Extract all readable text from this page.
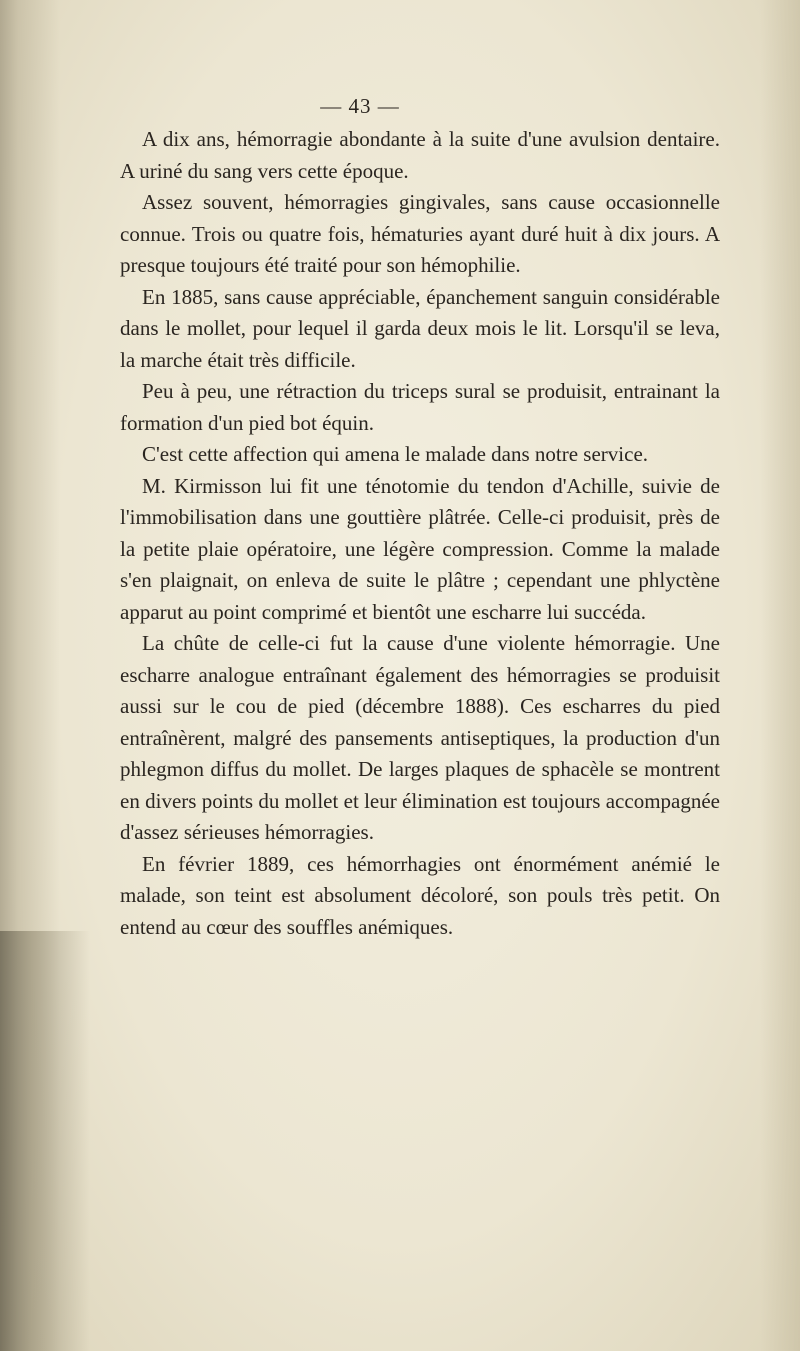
— 43 —

A dix ans, hémorragie abondante à la suite d'une avulsion dentaire. A uriné du sang vers cette époque.

Assez souvent, hémorragies gingivales, sans cause occasionnelle connue. Trois ou quatre fois, hématuries ayant duré huit à dix jours. A presque toujours été traité pour son hémophilie.

En 1885, sans cause appréciable, épanchement sanguin considérable dans le mollet, pour lequel il garda deux mois le lit. Lorsqu'il se leva, la marche était très difficile.

Peu à peu, une rétraction du triceps sural se produisit, entrainant la formation d'un pied bot équin.

C'est cette affection qui amena le malade dans notre service.

M. Kirmisson lui fit une ténotomie du tendon d'Achille, suivie de l'immobilisation dans une gouttière plâtrée. Celle-ci produisit, près de la petite plaie opératoire, une légère compression. Comme la malade s'en plaignait, on enleva de suite le plâtre ; cependant une phlyctène apparut au point comprimé et bientôt une escharre lui succéda.

La chûte de celle-ci fut la cause d'une violente hémorragie. Une escharre analogue entraînant également des hémorragies se produisit aussi sur le cou de pied (décembre 1888). Ces escharres du pied entraînèrent, malgré des pansements antiseptiques, la production d'un phlegmon diffus du mollet. De larges plaques de sphacèle se montrent en divers points du mollet et leur élimination est toujours accompagnée d'assez sérieuses hémorragies.

En février 1889, ces hémorrhagies ont énormément anémié le malade, son teint est absolument décoloré, son pouls très petit. On entend au cœur des souffles anémiques.
